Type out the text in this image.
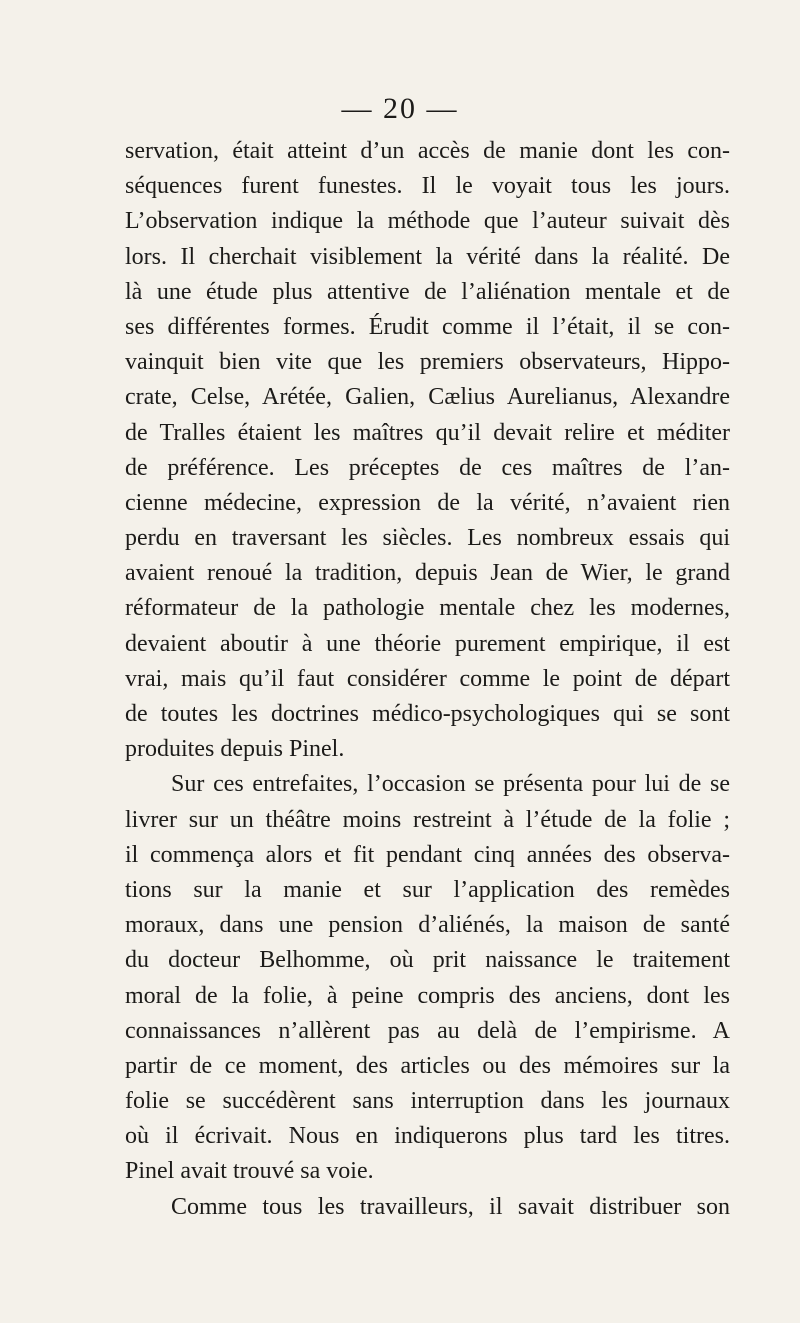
— 20 —
servation, était atteint d’un accès de manie dont les con-
séquences furent funestes. Il le voyait tous les jours.
L’observation indique la méthode que l’auteur suivait dès
lors. Il cherchait visiblement la vérité dans la réalité. De
là une étude plus attentive de l’aliénation mentale et de
ses différentes formes. Érudit comme il l’était, il se con-
vainquit bien vite que les premiers observateurs, Hippo-
crate, Celse, Arétée, Galien, Cælius Aurelianus, Alexandre
de Tralles étaient les maîtres qu’il devait relire et méditer
de préférence. Les préceptes de ces maîtres de l’an-
cienne médecine, expression de la vérité, n’avaient rien
perdu en traversant les siècles. Les nombreux essais qui
avaient renoué la tradition, depuis Jean de Wier, le grand
réformateur de la pathologie mentale chez les modernes,
devaient aboutir à une théorie purement empirique, il est
vrai, mais qu’il faut considérer comme le point de départ
de toutes les doctrines médico-psychologiques qui se sont
produites depuis Pinel.
Sur ces entrefaites, l’occasion se présenta pour lui de se
livrer sur un théâtre moins restreint à l’étude de la folie ;
il commença alors et fit pendant cinq années des observa-
tions sur la manie et sur l’application des remèdes
moraux, dans une pension d’aliénés, la maison de santé
du docteur Belhomme, où prit naissance le traitement
moral de la folie, à peine compris des anciens, dont les
connaissances n’allèrent pas au delà de l’empirisme. A
partir de ce moment, des articles ou des mémoires sur la
folie se succédèrent sans interruption dans les journaux
où il écrivait. Nous en indiquerons plus tard les titres.
Pinel avait trouvé sa voie.
Comme tous les travailleurs, il savait distribuer son
